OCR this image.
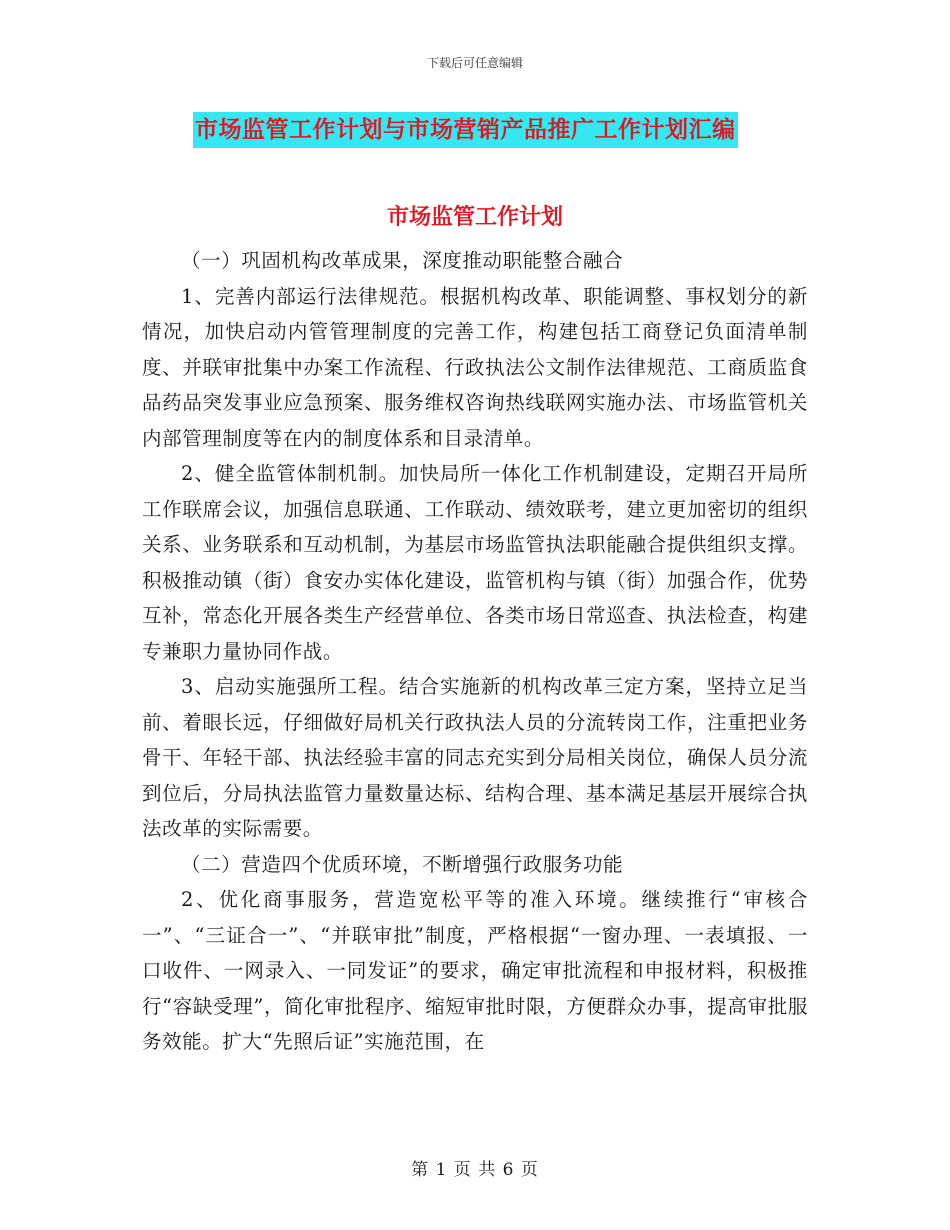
下载后可任意编辑
市场监管工作计划与市场营销产品推广工作计划汇编
市场监管工作计划

（一）巩固机构改革成果，深度推动职能整合融合

1、完善内部运行法律规范。根据机构改革、职能调整、事权划分的新情况，加快启动内管管理制度的完善工作，构建包括工商登记负面清单制度、并联审批集中办案工作流程、行政执法公文制作法律规范、工商质监食品药品突发事业应急预案、服务维权咨询热线联网实施办法、市场监管机关内部管理制度等在内的制度体系和目录清单。

2、健全监管体制机制。加快局所一体化工作机制建设，定期召开局所工作联席会议，加强信息联通、工作联动、绩效联考，建立更加密切的组织关系、业务联系和互动机制，为基层市场监管执法职能融合提供组织支撑。积极推动镇（街）食安办实体化建设，监管机构与镇（街）加强合作，优势互补，常态化开展各类生产经营单位、各类市场日常巡查、执法检查，构建专兼职力量协同作战。

3、启动实施强所工程。结合实施新的机构改革三定方案，坚持立足当前、着眼长远，仔细做好局机关行政执法人员的分流转岗工作，注重把业务骨干、年轻干部、执法经验丰富的同志充实到分局相关岗位，确保人员分流到位后，分局执法监管力量数量达标、结构合理、基本满足基层开展综合执法改革的实际需要。

（二）营造四个优质环境，不断增强行政服务功能

2、优化商事服务，营造宽松平等的准入环境。继续推行“审核合一”、“三证合一”、“并联审批”制度，严格根据“一窗办理、一表填报、一口收件、一网录入、一同发证”的要求，确定审批流程和申报材料，积极推行“容缺受理”，简化审批程序、缩短审批时限，方便群众办事，提高审批服务效能。扩大“先照后证”实施范围，在

第 1 页 共 6 页
